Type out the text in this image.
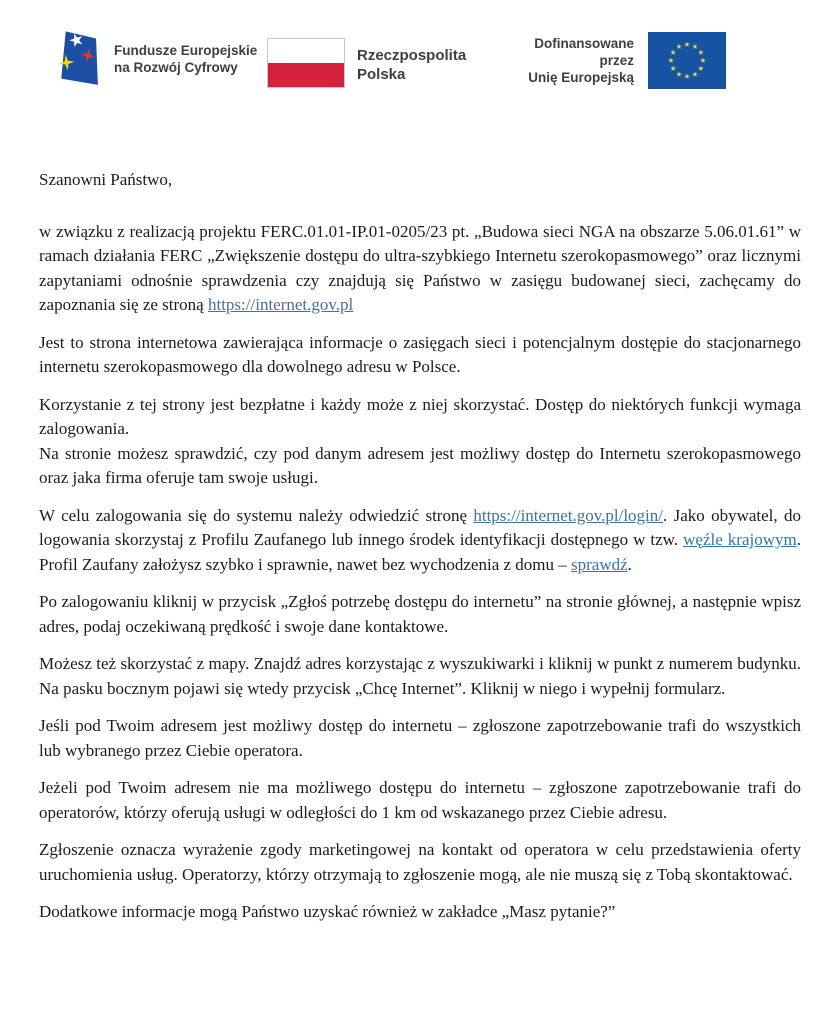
Fundusze Europejskie
na Rozwój Cyfrowy
Rzeczpospolita
Polska
Dofinansowane przez
Unię Europejską

Szanowni Państwo,

w związku z realizacją projektu FERC.01.01-IP.01-0205/23 pt. „Budowa sieci NGA na obszarze 5.06.01.61” w ramach działania FERC „Zwiększenie dostępu do ultra-szybkiego Internetu szerokopasmowego” oraz licznymi zapytaniami odnośnie sprawdzenia czy znajdują się Państwo w zasięgu budowanej sieci, zachęcamy do zapoznania się ze stroną https://internet.gov.pl

Jest to strona internetowa zawierająca informacje o zasięgach sieci i potencjalnym dostępie do stacjonarnego internetu szerokopasmowego dla dowolnego adresu w Polsce.

Korzystanie z tej strony jest bezpłatne i każdy może z niej skorzystać. Dostęp do niektórych funkcji wymaga zalogowania.

Na stronie możesz sprawdzić, czy pod danym adresem jest możliwy dostęp do Internetu szerokopasmowego oraz jaka firma oferuje tam swoje usługi.

W celu zalogowania się do systemu należy odwiedzić stronę https://internet.gov.pl/login/. Jako obywatel, do logowania skorzystaj z Profilu Zaufanego lub innego środek identyfikacji dostępnego w tzw. węźle krajowym. Profil Zaufany założysz szybko i sprawnie, nawet bez wychodzenia z domu – sprawdź.

Po zalogowaniu kliknij w przycisk „Zgłoś potrzebę dostępu do internetu” na stronie głównej, a następnie wpisz adres, podaj oczekiwaną prędkość i swoje dane kontaktowe.

Możesz też skorzystać z mapy. Znajdź adres korzystając z wyszukiwarki i kliknij w punkt z numerem budynku. Na pasku bocznym pojawi się wtedy przycisk „Chcę Internet”. Kliknij w niego i wypełnij formularz.

Jeśli pod Twoim adresem jest możliwy dostęp do internetu – zgłoszone zapotrzebowanie trafi do wszystkich lub wybranego przez Ciebie operatora.

Jeżeli pod Twoim adresem nie ma możliwego dostępu do internetu – zgłoszone zapotrzebowanie trafi do operatorów, którzy oferują usługi w odległości do 1 km od wskazanego przez Ciebie adresu.

Zgłoszenie oznacza wyrażenie zgody marketingowej na kontakt od operatora w celu przedstawienia oferty uruchomienia usług. Operatorzy, którzy otrzymają to zgłoszenie mogą, ale nie muszą się z Tobą skontaktować.

Dodatkowe informacje mogą Państwo uzyskać również w zakładce „Masz pytanie?”
